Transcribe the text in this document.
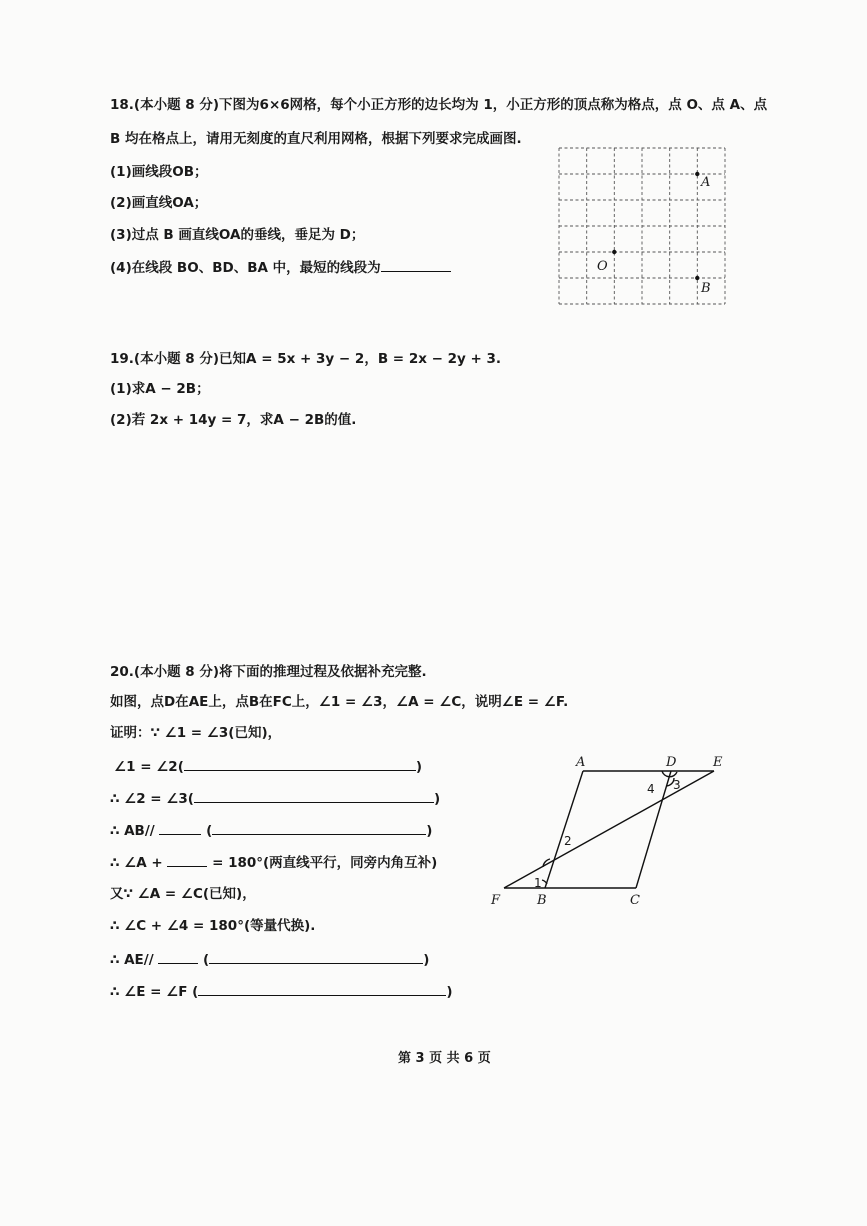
18.(本小题 8 分)下图为6×6网格，每个小正方形的边长均为 1，小正方形的顶点称为格点，点 O、点 A、点
B 均在格点上，请用无刻度的直尺利用网格，根据下列要求完成画图.
(1)画线段OB；
(2)画直线OA；
(3)过点 B 画直线OA的垂线，垂足为 D；
(4)在线段 BO、BD、BA 中，最短的线段为
A
O
B
19.(本小题 8 分)已知A = 5x + 3y − 2，B = 2x − 2y + 3.
(1)求A − 2B；
(2)若 2x + 14y = 7，求A − 2B的值.
20.(本小题 8 分)将下面的推理过程及依据补充完整.
如图，点D在AE上，点B在FC上，∠1 = ∠3，∠A = ∠C，说明∠E = ∠F.
证明：∵ ∠1 = ∠3(已知)，
∠1 = ∠2(	)
∴ ∠2 = ∠3(	)
∴ AB//	(	)
∴ ∠A +	= 180°(两直线平行，同旁内角互补)
又∵ ∠A = ∠C(已知)，
∴ ∠C + ∠4 = 180°(等量代换).
∴ AE//	(	)
∴ ∠E = ∠F (	)
A	D	E
F	B	C
1
2
3
4
第 3 页 共 6 页
